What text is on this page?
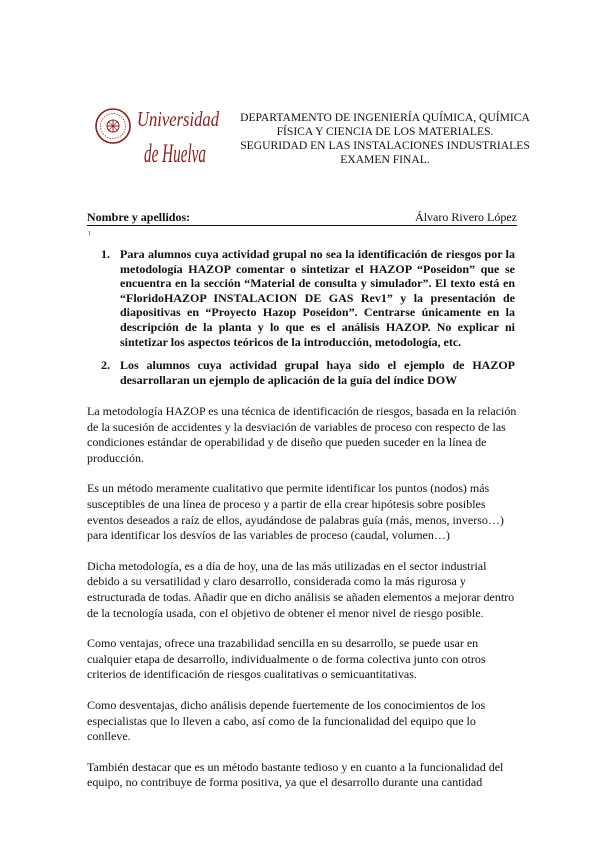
Universidad
de Huelva
DEPARTAMENTO DE INGENIERÍA QUÍMICA, QUÍMICA
FÍSICA Y CIENCIA DE LOS MATERIALES.
SEGURIDAD EN LAS INSTALACIONES INDUSTRIALES
EXAMEN FINAL.
Nombre y apellidos:	Álvaro Rivero López
1
1. Para alumnos cuya actividad grupal no sea la identificación de riesgos por la metodología HAZOP comentar o sintetizar el HAZOP “Poseidon” que se encuentra en la sección “Material de consulta y simulador”. El texto está en “FloridoHAZOP INSTALACION DE GAS Rev1” y la presentación de diapositivas en “Proyecto Hazop Poseidon”. Centrarse únicamente en la descripción de la planta y lo que es el análisis HAZOP. No explicar ni sintetizar los aspectos teóricos de la introducción, metodología, etc.
2. Los alumnos cuya actividad grupal haya sido el ejemplo de HAZOP desarrollaran un ejemplo de aplicación de la guía del índice DOW

La metodología HAZOP es una técnica de identificación de riesgos, basada en la relación de la sucesión de accidentes y la desviación de variables de proceso con respecto de las condiciones estándar de operabilidad y de diseño que pueden suceder en la línea de producción.

Es un método meramente cualitativo que permite identificar los puntos (nodos) más susceptibles de una línea de proceso y a partir de ella crear hipótesis sobre posibles eventos deseados a raíz de ellos, ayudándose de palabras guía (más, menos, inverso…) para identificar los desvíos de las variables de proceso (caudal, volumen…)

Dicha metodología, es a día de hoy, una de las más utilizadas en el sector industrial debido a su versatilidad y claro desarrollo, considerada como la más rigurosa y estructurada de todas. Añadir que en dicho análisis se añaden elementos a mejorar dentro de la tecnología usada, con el objetivo de obtener el menor nivel de riesgo posible.

Como ventajas, ofrece una trazabilidad sencilla en su desarrollo, se puede usar en cualquier etapa de desarrollo, individualmente o de forma colectiva junto con otros criterios de identificación de riesgos cualitativas o semicuantitativas.

Como desventajas, dicho análisis depende fuertemente de los conocimientos de los especialistas que lo lleven a cabo, así como de la funcionalidad del equipo que lo conlleve.

También destacar que es un método bastante tedioso y en cuanto a la funcionalidad del equipo, no contribuye de forma positiva, ya que el desarrollo durante una cantidad
